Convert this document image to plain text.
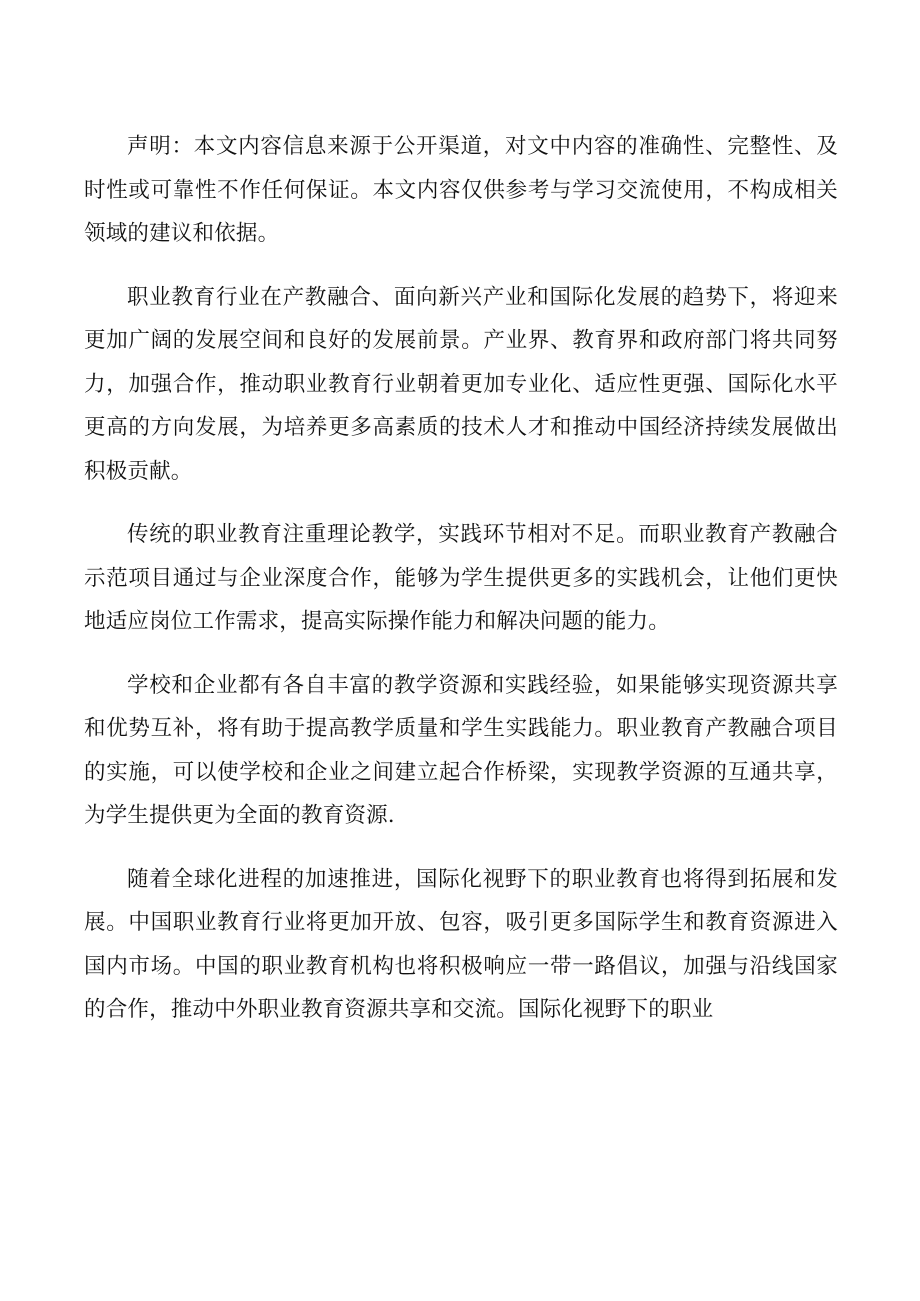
声明：本文内容信息来源于公开渠道，对文中内容的准确性、完整性、及时性或可靠性不作任何保证。本文内容仅供参考与学习交流使用，不构成相关领域的建议和依据。

职业教育行业在产教融合、面向新兴产业和国际化发展的趋势下，将迎来更加广阔的发展空间和良好的发展前景。产业界、教育界和政府部门将共同努力，加强合作，推动职业教育行业朝着更加专业化、适应性更强、国际化水平更高的方向发展，为培养更多高素质的技术人才和推动中国经济持续发展做出积极贡献。

传统的职业教育注重理论教学，实践环节相对不足。而职业教育产教融合示范项目通过与企业深度合作，能够为学生提供更多的实践机会，让他们更快地适应岗位工作需求，提高实际操作能力和解决问题的能力。

学校和企业都有各自丰富的教学资源和实践经验，如果能够实现资源共享和优势互补，将有助于提高教学质量和学生实践能力。职业教育产教融合项目的实施，可以使学校和企业之间建立起合作桥梁，实现教学资源的互通共享，为学生提供更为全面的教育资源.

随着全球化进程的加速推进，国际化视野下的职业教育也将得到拓展和发展。中国职业教育行业将更加开放、包容，吸引更多国际学生和教育资源进入国内市场。中国的职业教育机构也将积极响应一带一路倡议，加强与沿线国家的合作，推动中外职业教育资源共享和交流。国际化视野下的职业
